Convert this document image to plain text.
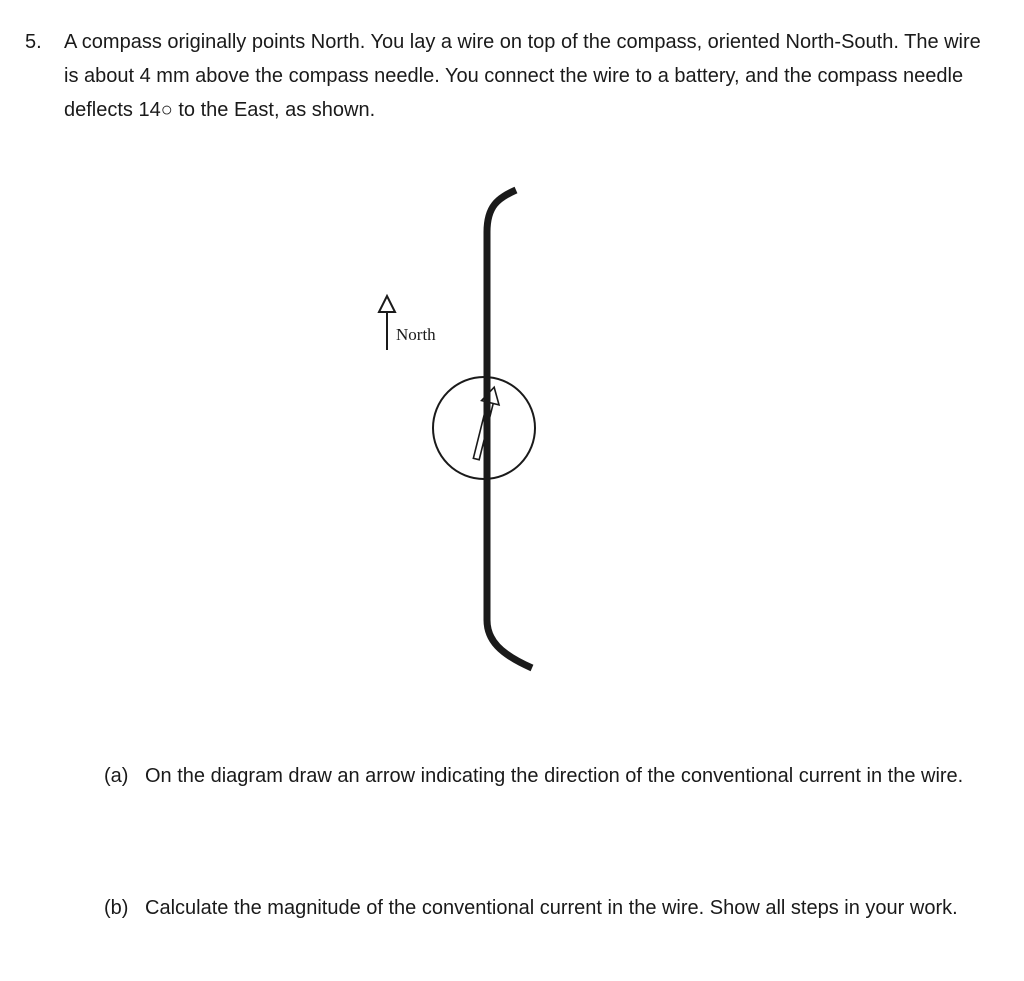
5. A compass originally points North. You lay a wire on top of the compass, oriented North-South. The wire is about 4 mm above the compass needle. You connect the wire to a battery, and the compass needle deflects 14○ to the East, as shown.

North
(a) On the diagram draw an arrow indicating the direction of the conventional current in the wire.

(b) Calculate the magnitude of the conventional current in the wire. Show all steps in your work.
